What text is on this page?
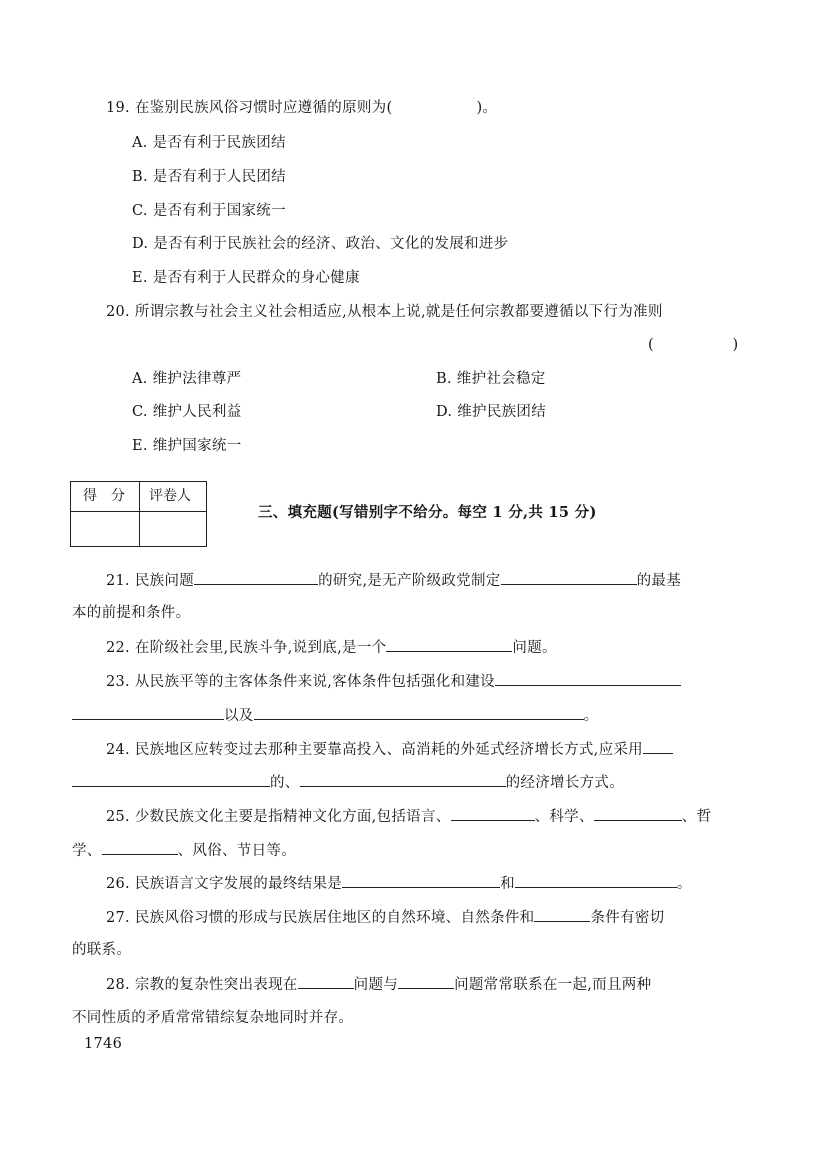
19. 在鉴别民族风俗习惯时应遵循的原则为(	)。
A. 是否有利于民族团结
B. 是否有利于人民团结
C. 是否有利于国家统一
D. 是否有利于民族社会的经济、政治、文化的发展和进步
E. 是否有利于人民群众的身心健康
20. 所谓宗教与社会主义社会相适应,从根本上说,就是任何宗教都要遵循以下行为准则
(                )
A. 维护法律尊严	B. 维护社会稳定
C. 维护人民利益	D. 维护民族团结
E. 维护国家统一
得　分 评卷人
三、填充题(写错别字不给分。每空 1 分,共 15 分)
21. 民族问题	的研究,是无产阶级政党制定	的最基
本的前提和条件。
22. 在阶级社会里,民族斗争,说到底,是一个	问题。
23. 从民族平等的主客体条件来说,客体条件包括强化和建设
以及	。
24. 民族地区应转变过去那种主要靠高投入、高消耗的外延式经济增长方式,应采用
的、	的经济增长方式。
25. 少数民族文化主要是指精神文化方面,包括语言、	、科学、	、哲
学、	、风俗、节日等。
26. 民族语言文字发展的最终结果是	和	。
27. 民族风俗习惯的形成与民族居住地区的自然环境、自然条件和	条件有密切
的联系。
28. 宗教的复杂性突出表现在	问题与	问题常常联系在一起,而且两种
不同性质的矛盾常常错综复杂地同时并存。
1746
